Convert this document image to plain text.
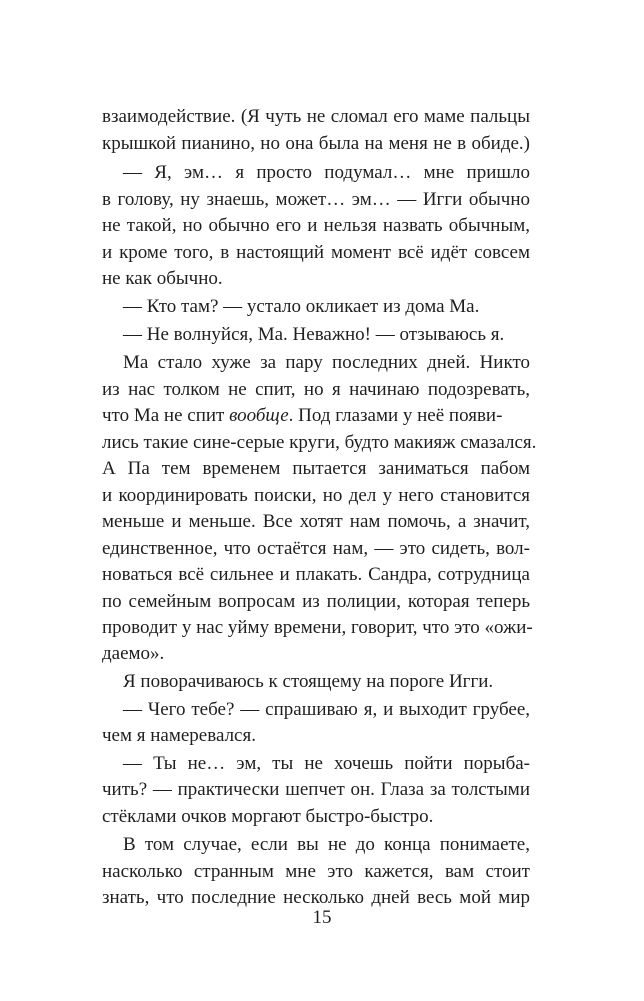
взаимодействие. (Я чуть не сломал его маме пальцы
крышкой пианино, но она была на меня не в обиде.)
— Я, эм… я просто подумал… мне пришло
в голову, ну знаешь, может… эм… — Игги обычно
не такой, но обычно его и нельзя назвать обычным,
и кроме того, в настоящий момент всё идёт совсем
не как обычно.
— Кто там? — устало окликает из дома Ма.
— Не волнуйся, Ма. Неважно! — отзываюсь я.
Ма стало хуже за пару последних дней. Никто
из нас толком не спит, но я начинаю подозревать,
что Ма не спит вообще. Под глазами у неё появи-
лись такие сине-серые круги, будто макияж смазался.
А Па тем временем пытается заниматься пабом
и координировать поиски, но дел у него становится
меньше и меньше. Все хотят нам помочь, а значит,
единственное, что остаётся нам, — это сидеть, вол-
новаться всё сильнее и плакать. Сандра, сотрудница
по семейным вопросам из полиции, которая теперь
проводит у нас уйму времени, говорит, что это «ожи-
даемо».
Я поворачиваюсь к стоящему на пороге Игги.
— Чего тебе? — спрашиваю я, и выходит грубее,
чем я намеревался.
— Ты не… эм, ты не хочешь пойти порыба-
чить? — практически шепчет он. Глаза за толстыми
стёклами очков моргают быстро-быстро.
В том случае, если вы не до конца понимаете,
насколько странным мне это кажется, вам стоит
знать, что последние несколько дней весь мой мир
15
